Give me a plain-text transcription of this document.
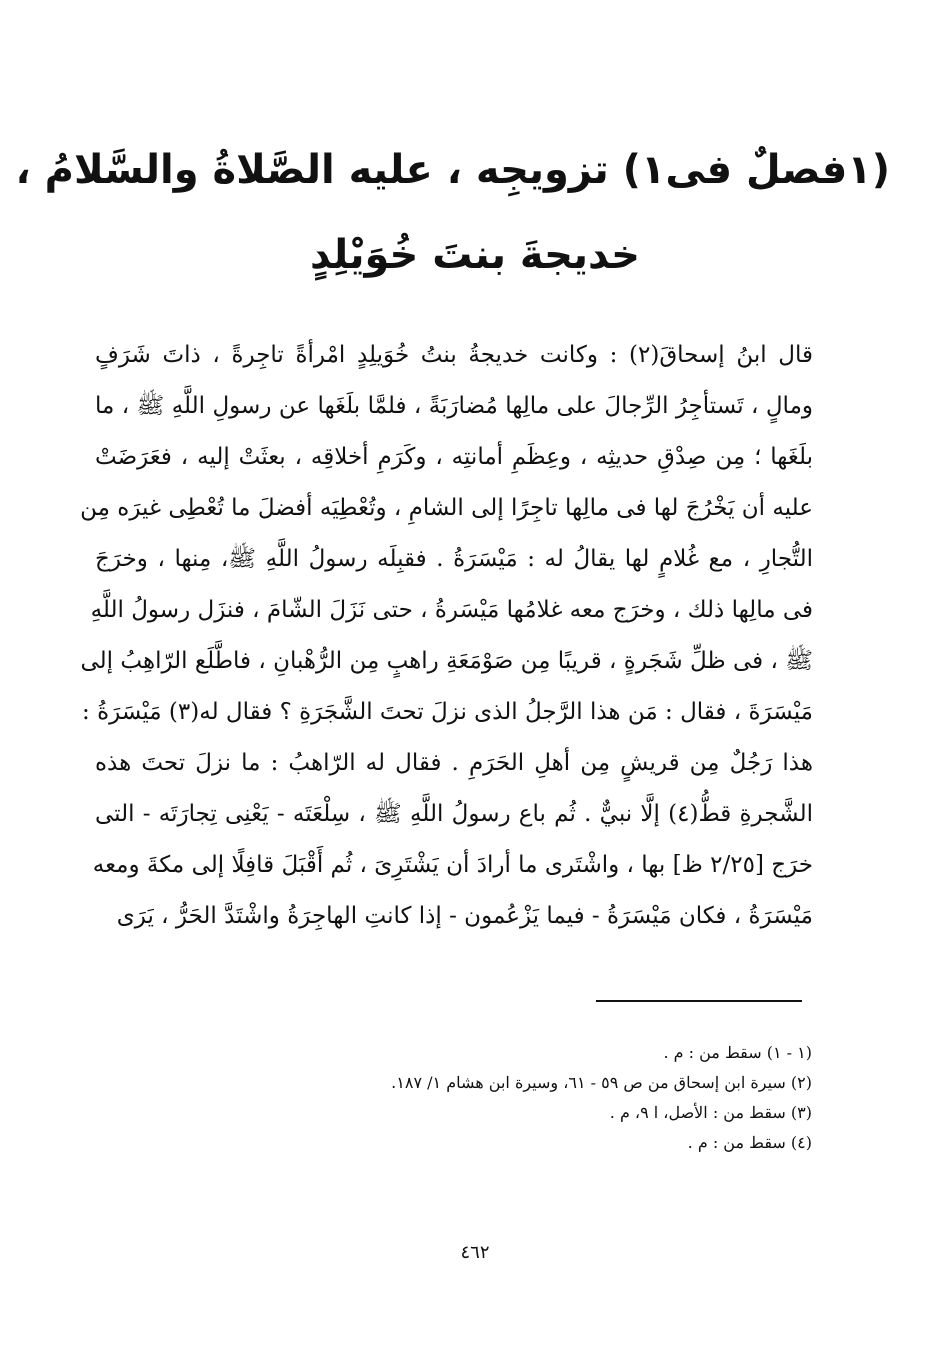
(١فصلٌ فى١) تزويجِه ، عليه الصَّلاةُ والسَّلامُ ،
خديجةَ بنتَ خُوَيْلِدٍ
قال ابنُ إسحاقَ(٢) : وكانت خديجةُ بنتُ خُوَيلِدٍ امْرأةً تاجِرةً ، ذاتَ شَرَفٍ
ومالٍ ، تَستأجِرُ الرِّجالَ على مالِها مُضارَبَةً ، فلمَّا بلَغَها عن رسولِ اللَّهِ ﷺ ، ما
بلَغَها ؛ مِن صِدْقِ حديثِه ، وعِظَمِ أمانتِه ، وكَرَمِ أخلاقِه ، بعثَتْ إليه ، فعَرَضَتْ
عليه أن يَخْرُجَ لها فى مالِها تاجِرًا إلى الشامِ ، وتُعْطِيَه أفضلَ ما تُعْطِى غيرَه مِن
التُّجارِ ، مع غُلامٍ لها يقالُ له : مَيْسَرَةُ . فقبِلَه رسولُ اللَّهِ ﷺ، مِنها ، وخرَجَ
فى مالِها ذلك ، وخرَج معه غلامُها مَيْسَرةُ ، حتى نَزَلَ الشّامَ ، فنزَل رسولُ اللَّهِ
ﷺ ، فى ظلِّ شَجَرةٍ ، قريبًا مِن صَوْمَعَةِ راهبٍ مِن الرُّهْبانِ ، فاطَّلَع الرّاهِبُ إلى
مَيْسَرَةَ ، فقال : مَن هذا الرَّجلُ الذى نزلَ تحتَ الشَّجَرَةِ ؟ فقال له(٣) مَيْسَرَةُ :
هذا رَجُلٌ مِن قريشٍ مِن أهلِ الحَرَمِ . فقال له الرّاهبُ : ما نزلَ تحتَ هذه
الشَّجرةِ قطُّ(٤) إلَّا نبيٌّ . ثُم باع رسولُ اللَّهِ ﷺ ، سِلْعَتَه - يَعْنِى تِجارَتَه - التى
خرَج [٢/٢٥ ظ] بها ، واشْتَرى ما أرادَ أن يَشْتَرِىَ ، ثُم أَقْبَلَ قافِلًا إلى مكةَ ومعه
مَيْسَرَةُ ، فكان مَيْسَرَةُ - فيما يَزْعُمون - إذا كانتِ الهاجِرَةُ واشْتَدَّ الحَرُّ ، يَرَى
(١ - ١) سقط من : م .
(٢) سيرة ابن إسحاق من ص ٥٩ - ٦١، وسيرة ابن هشام ١/ ١٨٧.
(٣) سقط من : الأصل، ا ٩، م .
(٤) سقط من : م .
٤٦٢
